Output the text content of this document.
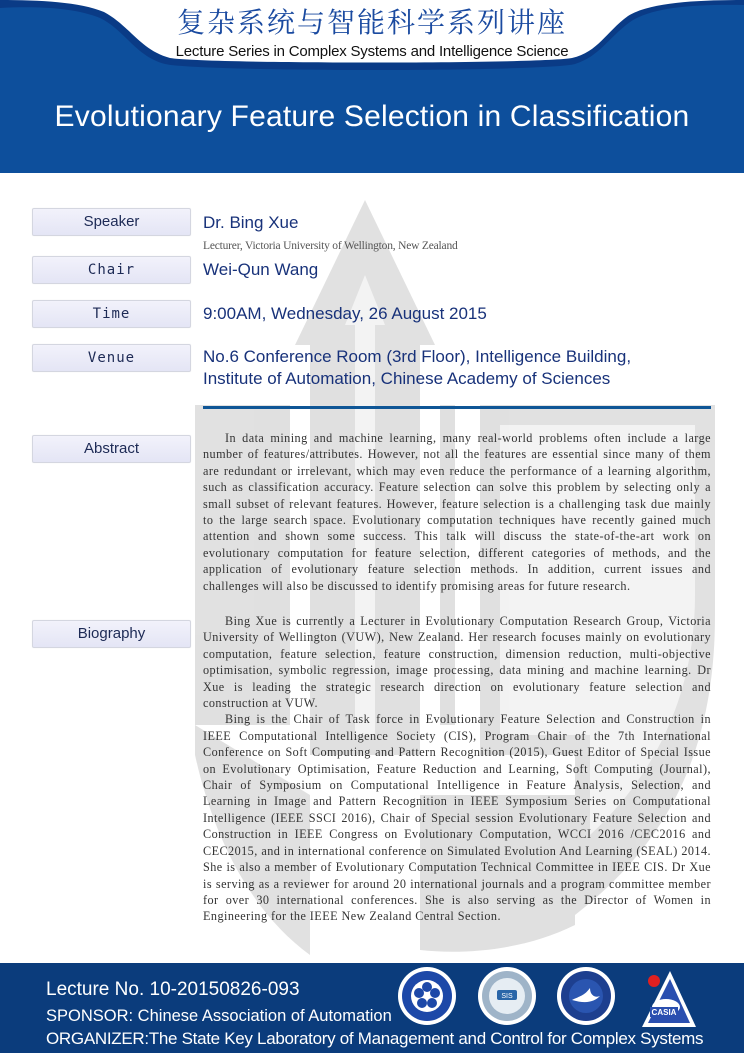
复杂系统与智能科学系列讲座
Lecture Series in Complex Systems and Intelligence Science
Evolutionary Feature Selection in Classification
Speaker	Dr. Bing Xue
Lecturer, Victoria University of Wellington, New Zealand
Chair	Wei-Qun Wang
Time	9:00AM, Wednesday, 26 August 2015
Venue	No.6 Conference Room (3rd Floor), Intelligence Building,
Institute of Automation, Chinese Academy of Sciences
Abstract

In data mining and machine learning, many real-world problems often include a large number of features/attributes. However, not all the features are essential since many of them are redundant or irrelevant, which may even reduce the performance of a learning algorithm, such as classification accuracy. Feature selection can solve this problem by selecting only a small subset of relevant features. However, feature selection is a challenging task due mainly to the large search space. Evolutionary computation techniques have recently gained much attention and shown some success. This talk will discuss the state-of-the-art work on evolutionary computation for feature selection, different categories of methods, and the application of evolutionary feature selection methods. In addition, current issues and challenges will also be discussed to identify promising areas for future research.

Biography

Bing Xue is currently a Lecturer in Evolutionary Computation Research Group, Victoria University of Wellington (VUW), New Zealand. Her research focuses mainly on evolutionary computation, feature selection, feature construction, dimension reduction, multi-objective optimisation, symbolic regression, image processing, data mining and machine learning. Dr Xue is leading the strategic research direction on evolutionary feature selection and construction at VUW.

Bing is the Chair of Task force in Evolutionary Feature Selection and Construction in IEEE Computational Intelligence Society (CIS), Program Chair of the 7th International Conference on Soft Computing and Pattern Recognition (2015), Guest Editor of Special Issue on Evolutionary Optimisation, Feature Reduction and Learning, Soft Computing (Journal), Chair of Symposium on Computational Intelligence in Feature Analysis, Selection, and Learning in Image and Pattern Recognition in IEEE Symposium Series on Computational Intelligence (IEEE SSCI 2016), Chair of Special session Evolutionary Feature Selection and Construction in IEEE Congress on Evolutionary Computation, WCCI 2016 /CEC2016 and CEC2015, and in international conference on Simulated Evolution And Learning (SEAL) 2014. She is also a member of Evolutionary Computation Technical Committee in IEEE CIS. Dr Xue is serving as a reviewer for around 20 international journals and a program committee member for over 30 international conferences. She is also serving as the Director of Women in Engineering for the IEEE New Zealand Central Section.

Lecture No. 10-20150826-093
SPONSOR: Chinese Association of Automation
ORGANIZER:The State Key Laboratory of Management and Control for Complex Systems
SIS
CASIA
